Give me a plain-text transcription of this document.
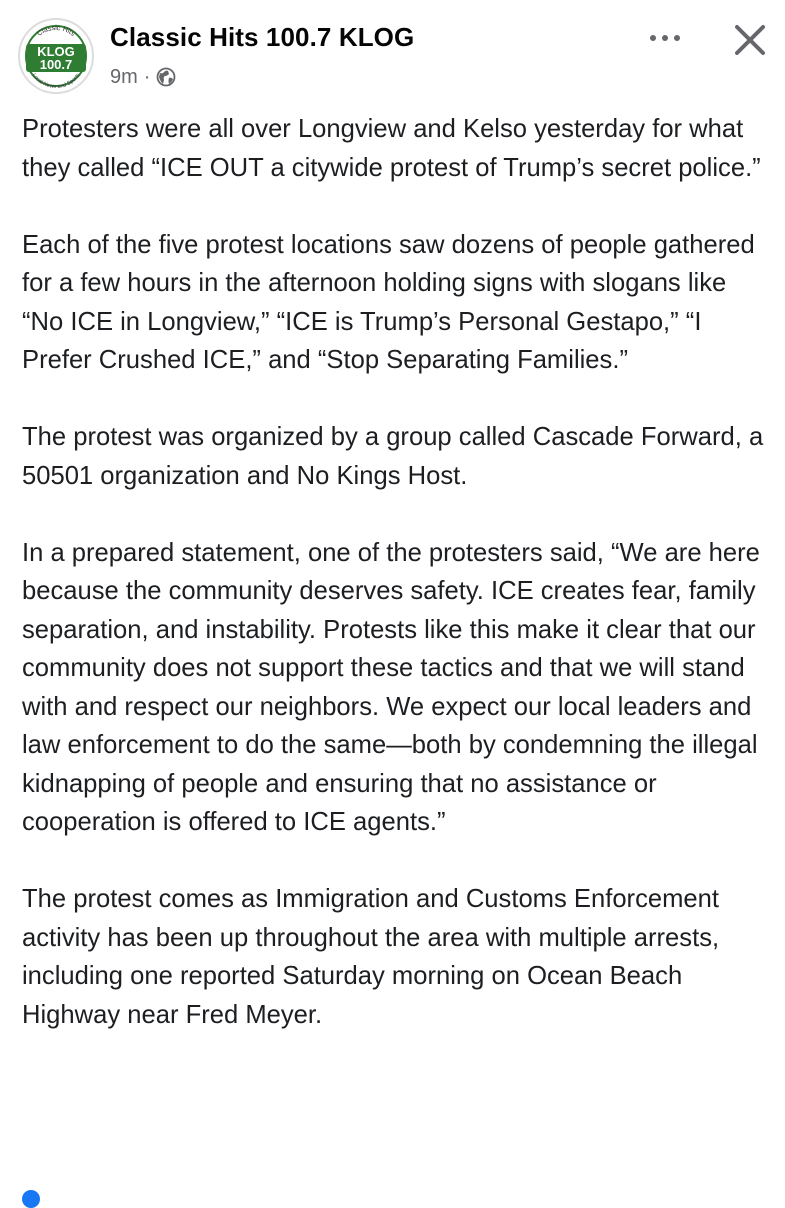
Classic Hits
KLOG
100.7
Local News and Sports
Classic Hits 100.7 KLOG
9m ·

Protesters were all over Longview and Kelso yesterday for what they called “ICE OUT a citywide protest of Trump’s secret police.”

Each of the five protest locations saw dozens of people gathered for a few hours in the afternoon holding signs with slogans like “No ICE in Longview,” “ICE is Trump’s Personal Gestapo,” “I Prefer Crushed ICE,” and “Stop Separating Families.”

The protest was organized by a group called Cascade Forward, a 50501 organization and No Kings Host.

In a prepared statement, one of the protesters said, “We are here because the community deserves safety. ICE creates fear, family separation, and instability. Protests like this make it clear that our community does not support these tactics and that we will stand with and respect our neighbors. We expect our local leaders and law enforcement to do the same—both by condemning the illegal kidnapping of people and ensuring that no assistance or cooperation is offered to ICE agents.”

The protest comes as Immigration and Customs Enforcement activity has been up throughout the area with multiple arrests, including one reported Saturday morning on Ocean Beach Highway near Fred Meyer.
